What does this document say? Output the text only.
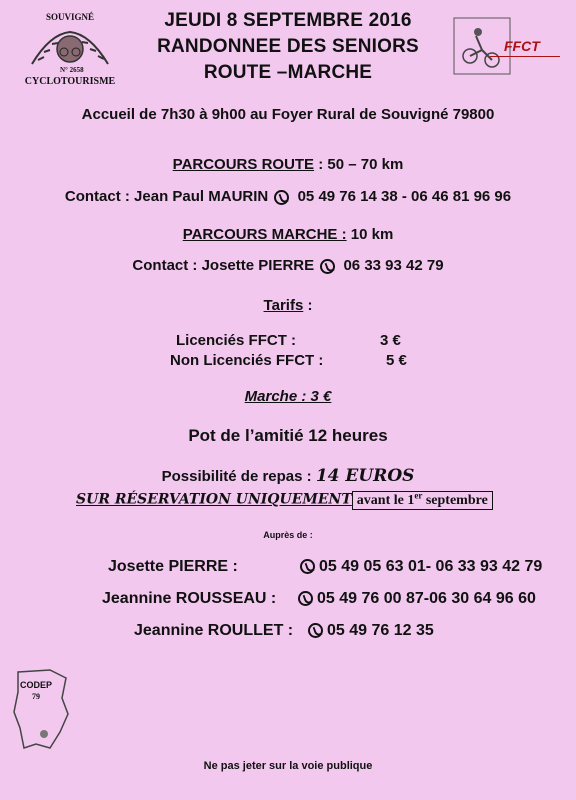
SOUVIGNÉ
N° 2658
CYCLOTOURISME
FFCT
JEUDI 8 SEPTEMBRE 2016
RANDONNEE DES SENIORS
ROUTE –MARCHE
Accueil de 7h30 à 9h00 au Foyer Rural de Souvigné 79800
PARCOURS ROUTE : 50 – 70 km
Contact : Jean Paul MAURIN 05 49 76 14 38 - 06 46 81 96 96
PARCOURS MARCHE : 10 km
Contact : Josette PIERRE 06 33 93 42 79
Tarifs :
Licenciés FFCT :	3 €
Non Licenciés FFCT :	5 €
Marche : 3 €
Pot de l’amitié 12 heures
Possibilité de repas : 14 EUROS
SUR RÉSERVATION UNIQUEMENT avant le 1er septembre
Auprès de :
Josette PIERRE :	05 49 05 63 01- 06 33 93 42 79
Jeannine ROUSSEAU :	05 49 76 00 87-06 30 64 96 60
Jeannine ROULLET : 05 49 76 12 35
CODEP
79
Ne pas jeter sur la voie publique
